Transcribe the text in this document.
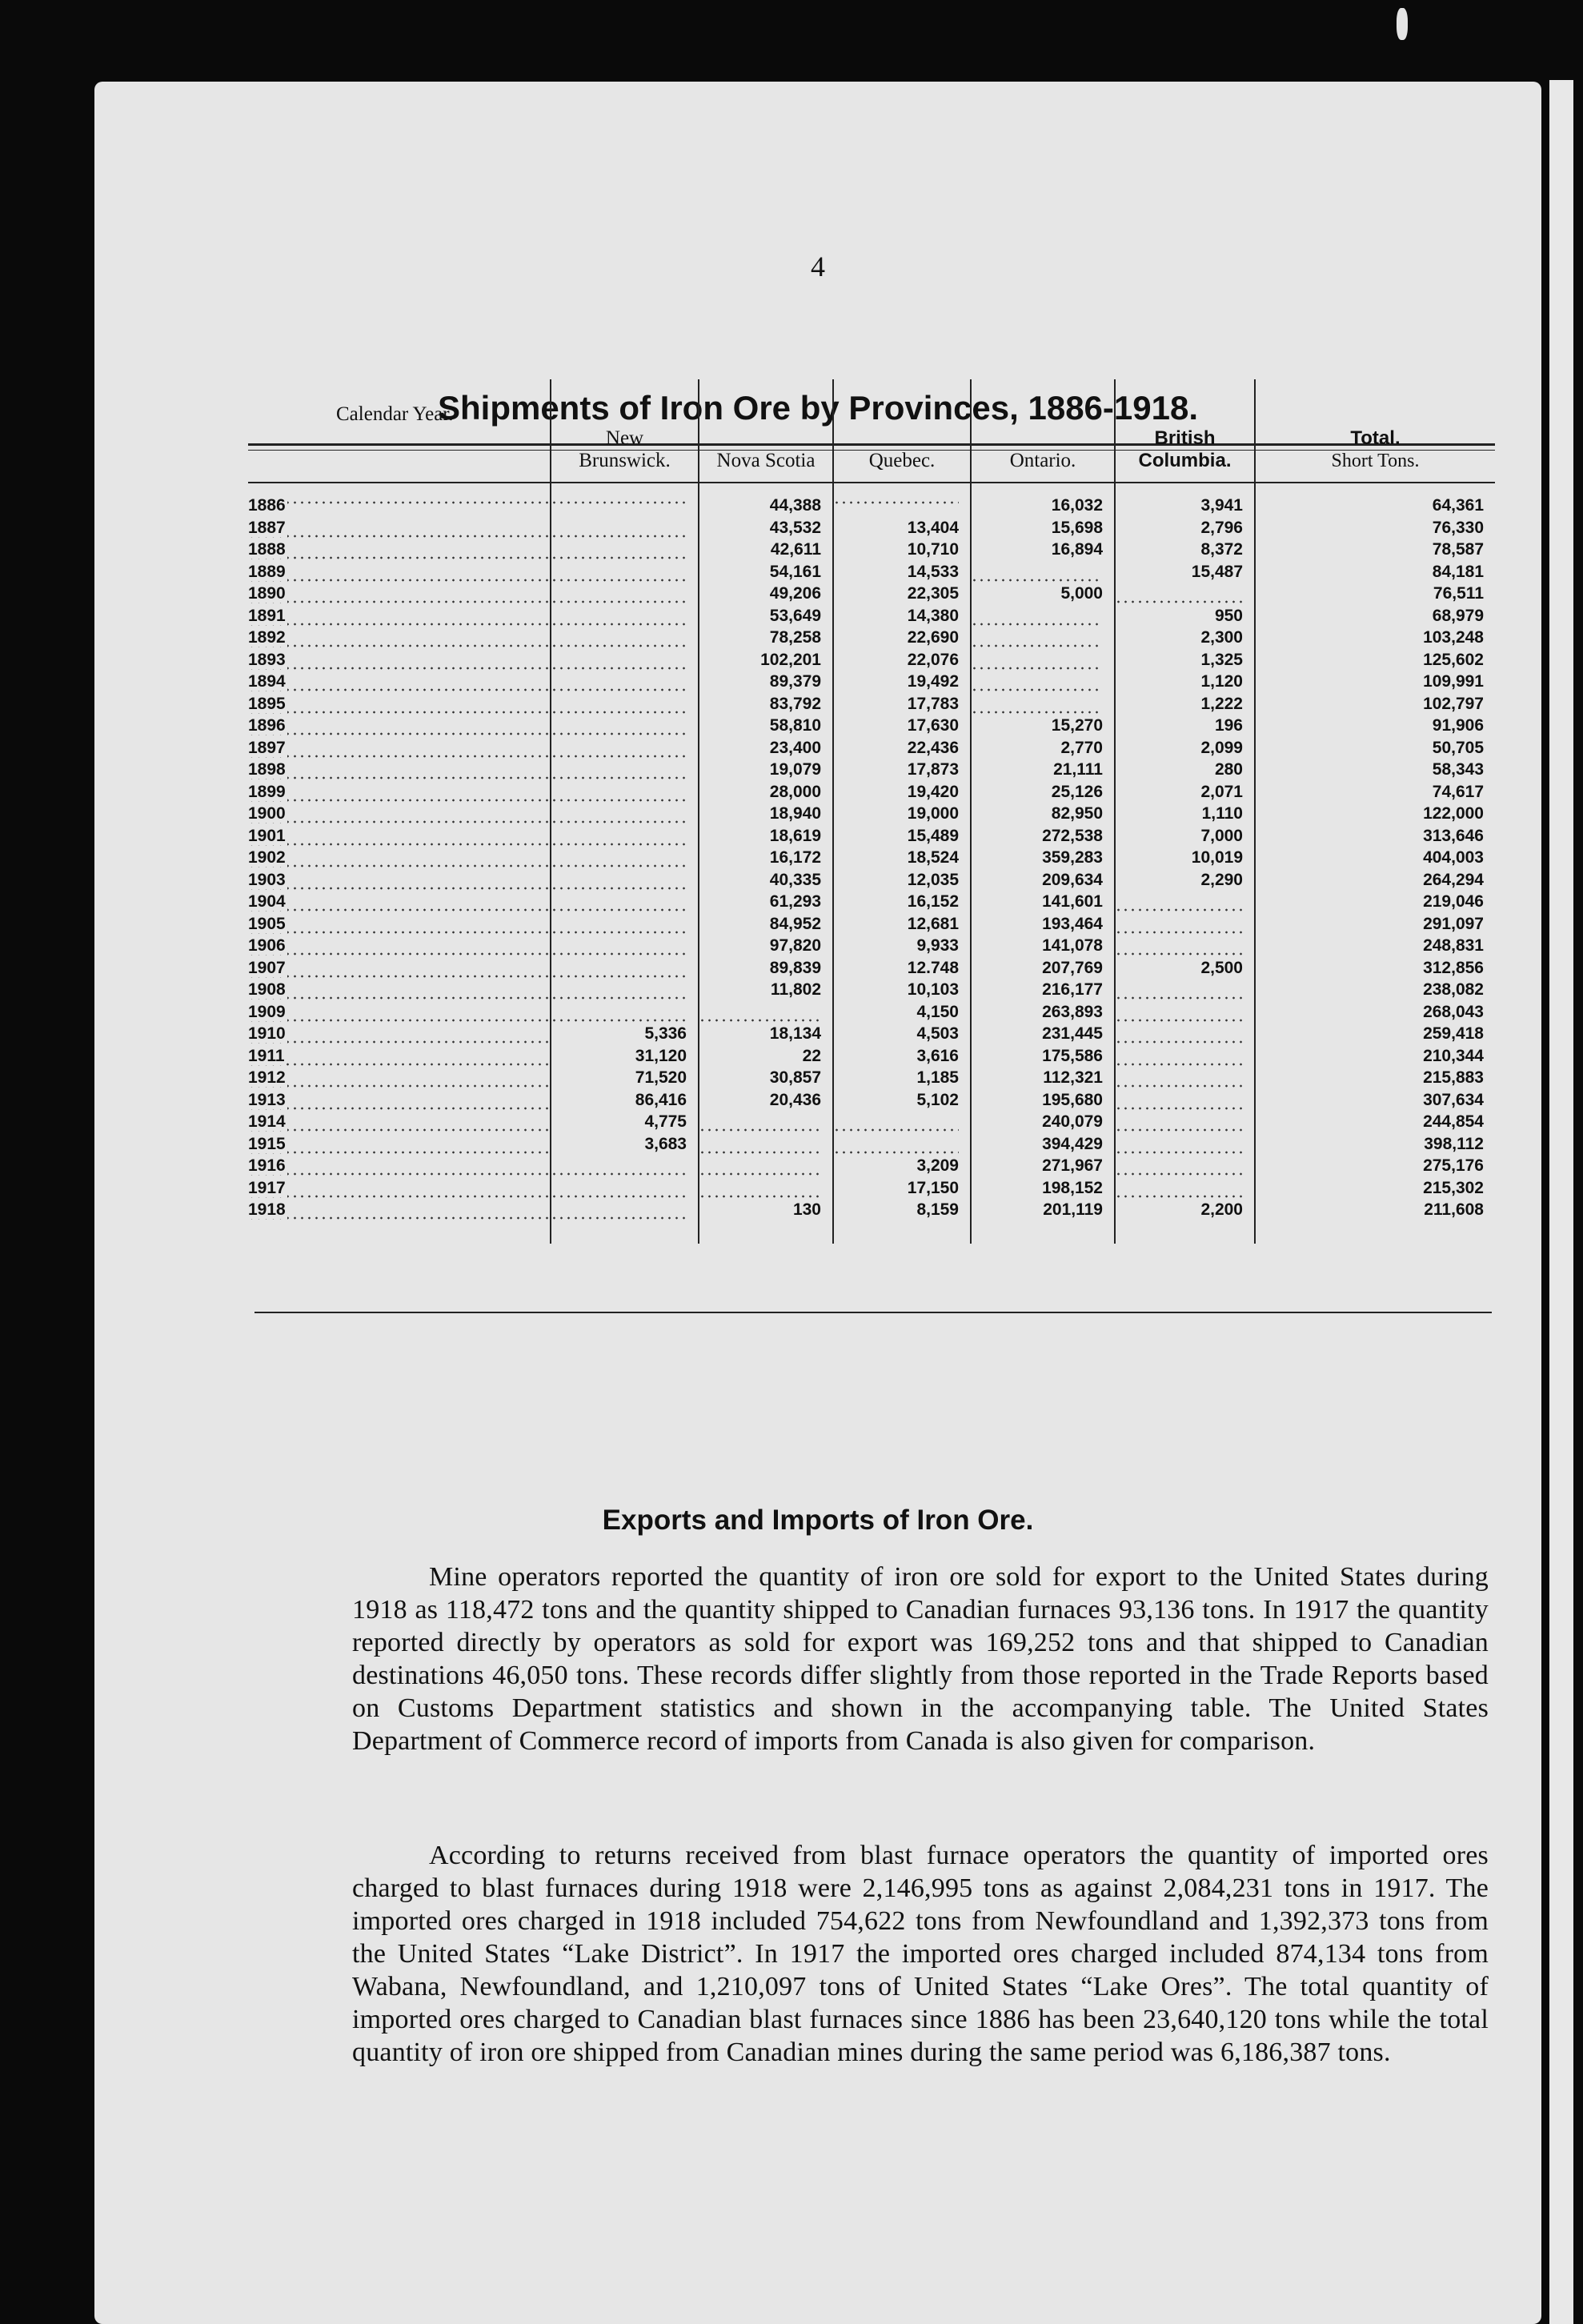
4
Shipments of Iron Ore by Provinces, 1886-1918.
Calendar Year.	New
Brunswick.	Nova Scotia	Quebec.	Ontario.	British
Columbia.	Total.
Short Tons.
1886		44,388		16,032	3,941	64,361
1887		43,532	13,404	15,698	2,796	76,330
1888		42,611	10,710	16,894	8,372	78,587
1889		54,161	14,533		15,487	84,181
1890		49,206	22,305	5,000		76,511
1891		53,649	14,380		950	68,979
1892		78,258	22,690		2,300	103,248
1893		102,201	22,076		1,325	125,602
1894		89,379	19,492		1,120	109,991
1895		83,792	17,783		1,222	102,797
1896		58,810	17,630	15,270	196	91,906
1897		23,400	22,436	2,770	2,099	50,705
1898		19,079	17,873	21,111	280	58,343
1899		28,000	19,420	25,126	2,071	74,617
1900		18,940	19,000	82,950	1,110	122,000
1901		18,619	15,489	272,538	7,000	313,646
1902		16,172	18,524	359,283	10,019	404,003
1903		40,335	12,035	209,634	2,290	264,294
1904		61,293	16,152	141,601		219,046
1905		84,952	12,681	193,464		291,097
1906		97,820	9,933	141,078		248,831
1907		89,839	12.748	207,769	2,500	312,856
1908		11,802	10,103	216,177		238,082
1909			4,150	263,893		268,043
1910	5,336	18,134	4,503	231,445		259,418
1911	31,120	22	3,616	175,586		210,344
1912	71,520	30,857	1,185	112,321		215,883
1913	86,416	20,436	5,102	195,680		307,634
1914	4,775			240,079		244,854
1915	3,683			394,429		398,112
1916			3,209	271,967		275,176
1917			17,150	198,152		215,302
1918		130	8,159	201,119	2,200	211,608
Exports and Imports of Iron Ore.
Mine operators reported the quantity of iron ore sold for export to the United States during 1918 as 118,472 tons and the quantity shipped to Canadian furnaces 93,136 tons. In 1917 the quantity reported directly by operators as sold for export was 169,252 tons and that shipped to Canadian destinations 46,050 tons. These records differ slightly from those reported in the Trade Reports based on Customs Department statistics and shown in the accompanying table. The United States Department of Commerce record of imports from Canada is also given for comparison.
According to returns received from blast furnace operators the quantity of imported ores charged to blast furnaces during 1918 were 2,146,995 tons as against 2,084,231 tons in 1917. The imported ores charged in 1918 included 754,622 tons from Newfoundland and 1,392,373 tons from the United States “Lake District”. In 1917 the imported ores charged included 874,134 tons from Wabana, Newfoundland, and 1,210,097 tons of United States “Lake Ores”. The total quantity of imported ores charged to Canadian blast furnaces since 1886 has been 23,640,120 tons while the total quantity of iron ore shipped from Canadian mines during the same period was 6,186,387 tons.
